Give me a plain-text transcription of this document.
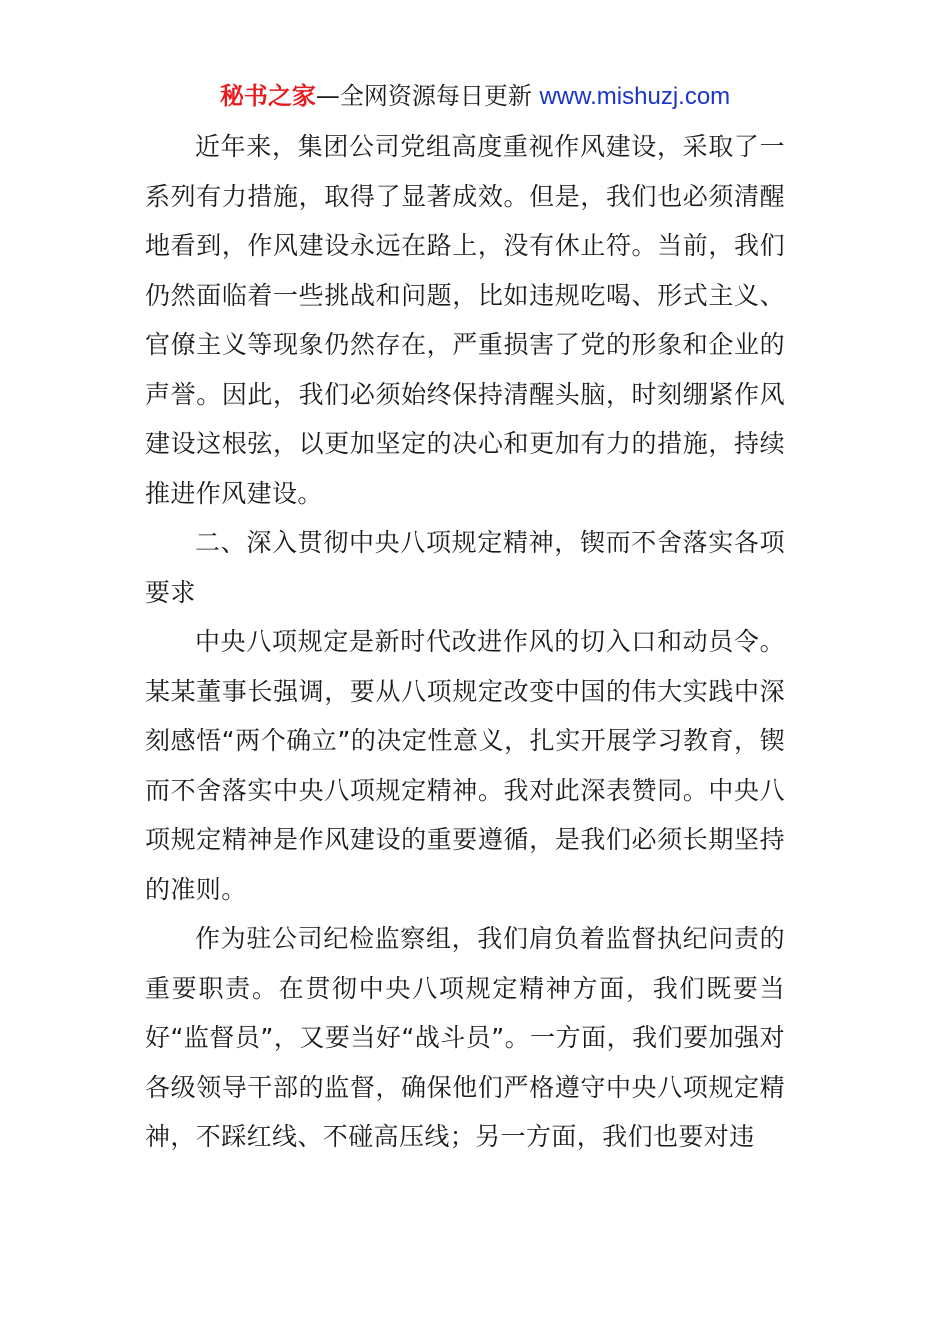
秘书之家—全网资源每日更新 www.mishuzj.com

近年来，集团公司党组高度重视作风建设，采取了一系列有力措施，取得了显著成效。但是，我们也必须清醒地看到，作风建设永远在路上，没有休止符。当前，我们仍然面临着一些挑战和问题，比如违规吃喝、形式主义、官僚主义等现象仍然存在，严重损害了党的形象和企业的声誉。因此，我们必须始终保持清醒头脑，时刻绷紧作风建设这根弦，以更加坚定的决心和更加有力的措施，持续推进作风建设。

二、深入贯彻中央八项规定精神，锲而不舍落实各项要求

中央八项规定是新时代改进作风的切入口和动员令。某某董事长强调，要从八项规定改变中国的伟大实践中深刻感悟“两个确立”的决定性意义，扎实开展学习教育，锲而不舍落实中央八项规定精神。我对此深表赞同。中央八项规定精神是作风建设的重要遵循，是我们必须长期坚持的准则。

作为驻公司纪检监察组，我们肩负着监督执纪问责的重要职责。在贯彻中央八项规定精神方面，我们既要当好“监督员”，又要当好“战斗员”。一方面，我们要加强对各级领导干部的监督，确保他们严格遵守中央八项规定精神，不踩红线、不碰高压线；另一方面，我们也要对违
